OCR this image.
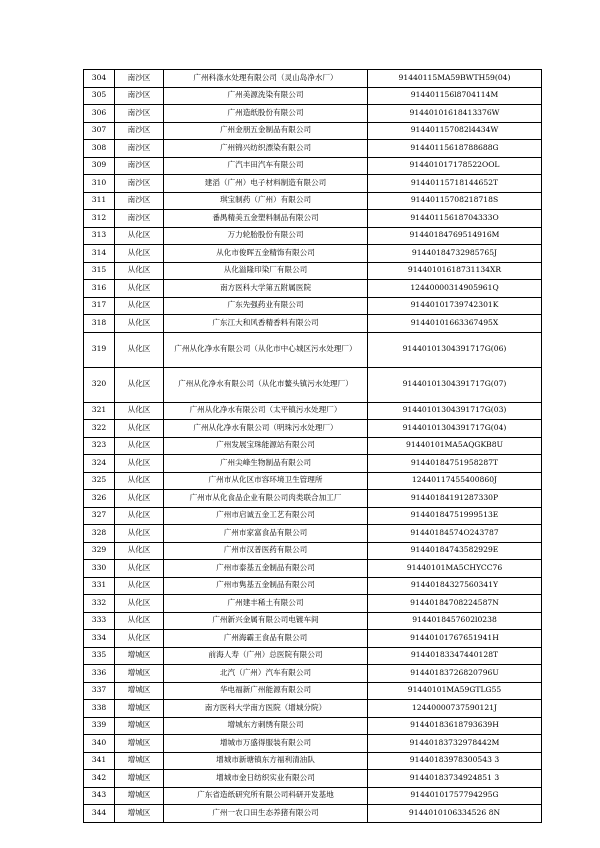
304	南沙区	广州科涤水处理有限公司（灵山岛净水厂）	91440115MA59BWTH59(04)
305	南沙区	广州美源洗染有限公司	914401156l8704114M
306	南沙区	广州造纸股份有限公司	91440101618413376W
307	南沙区	广州金朋五金制品有限公司	914401157082l4434W
308	南沙区	广州锦兴纺织漂染有限公司	91440115618788688G
309	南沙区	广汽丰田汽车有限公司	914401017178522OOL
310	南沙区	建滔（广州）电子材料制造有限公司	91440115718144652T
311	南沙区	琪宝制药（广州）有限公司	91440115708218718S
312	南沙区	番禺精美五金塑料制品有限公司	91440115618704333O
313	从化区	万力轮胎股份有限公司	91440184769514916M
314	从化区	从化市俊晖五金精饰有限公司	91440184732985765J
315	从化区	从化溢隆印染厂有限公司	91440101618731134XR
316	从化区	南方医科大学第五附属医院	12440000314905961Q
317	从化区	广东先强药业有限公司	91440101739742301K
318	从化区	广东江大和风香精香料有限公司	91440101663367495X
319	从化区	广州从化净水有限公司（从化市中心城区污水处理厂）	91440101304391717G(06)
320	从化区	广州从化净水有限公司（从化市鳌头镇污水处理厂）	91440101304391717G(07)
321	从化区	广州从化净水有限公司（太平镇污水处理厂）	91440101304391717G(03)
322	从化区	广州从化净水有限公司（明珠污水处理厂）	91440101304391717G(04)
323	从化区	广州发展宝珠能源站有限公司	91440101MA5AQGKB8U
324	从化区	广州尖峰生物制品有限公司	91440184751958287T
325	从化区	广州市从化区市容环境卫生管理所	12440117455400860J
326	从化区	广州市从化食品企业有限公司肉类联合加工厂	91440184191287330P
327	从化区	广州市启诚五金工艺有限公司	91440184751999513E
328	从化区	广州市家富食品有限公司	91440184574O243787
329	从化区	广州市汉普医药有限公司	91440184743582929E
330	从化区	广州市泰基五金制品有限公司	91440101MA5CHYCC76
331	从化区	广州市隽基五金制品有限公司	91440184327560341Y
332	从化区	广州建丰稀土有限公司	91440184708224587N
333	从化区	广州新兴金属有限公司电镀车间	9144018457602l0238
334	从化区	广州海霸王食品有限公司	91440101767651941H
335	增城区	前海人寿（广州）总医院有限公司	91440183347440128T
336	增城区	北汽（广州）汽车有限公司	91440183726820796U
337	增城区	华电福新广州能源有限公司	91440101MA59GTLG55
338	增城区	南方医科大学南方医院（增城分院）	12440000737590121J
339	增城区	增城东方刺绣有限公司	91440183618793639H
340	增城区	增城市万盛得服装有限公司	91440183732978442M
341	增城区	增城市新塘镇东方福利清油队	91440183978300543 3
342	增城区	增城市金日纺织实业有限公司	91440183734924851 3
343	增城区	广东省造纸研究所有限公司科研开发基地	91440101757794295G
344	增城区	广州一农口田生态养猪有限公司	9144010106334526 8N
